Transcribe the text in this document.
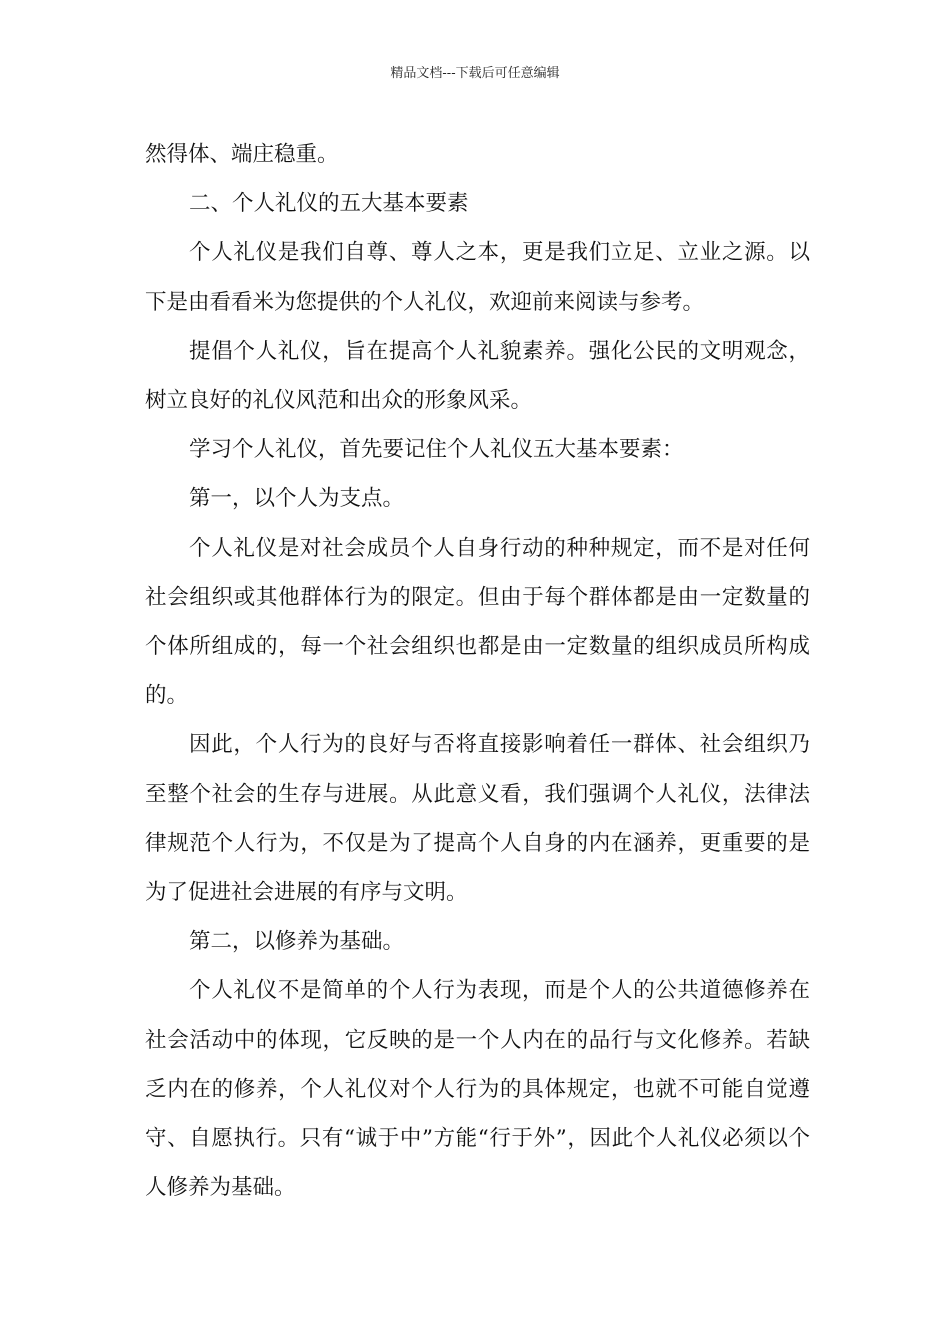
精品文档---下载后可任意编辑

然得体、端庄稳重。

二、个人礼仪的五大基本要素

个人礼仪是我们自尊、尊人之本，更是我们立足、立业之源。以下是由看看米为您提供的个人礼仪，欢迎前来阅读与参考。

提倡个人礼仪，旨在提高个人礼貌素养。强化公民的文明观念，树立良好的礼仪风范和出众的形象风采。

学习个人礼仪，首先要记住个人礼仪五大基本要素：

第一，以个人为支点。

个人礼仪是对社会成员个人自身行动的种种规定，而不是对任何社会组织或其他群体行为的限定。但由于每个群体都是由一定数量的个体所组成的，每一个社会组织也都是由一定数量的组织成员所构成的。

因此，个人行为的良好与否将直接影响着任一群体、社会组织乃至整个社会的生存与进展。从此意义看，我们强调个人礼仪，法律法律规范个人行为，不仅是为了提高个人自身的内在涵养，更重要的是为了促进社会进展的有序与文明。

第二，以修养为基础。

个人礼仪不是简单的个人行为表现，而是个人的公共道德修养在社会活动中的体现，它反映的是一个人内在的品行与文化修养。若缺乏内在的修养，个人礼仪对个人行为的具体规定，也就不可能自觉遵守、自愿执行。只有“诚于中”方能“行于外”，因此个人礼仪必须以个人修养为基础。
